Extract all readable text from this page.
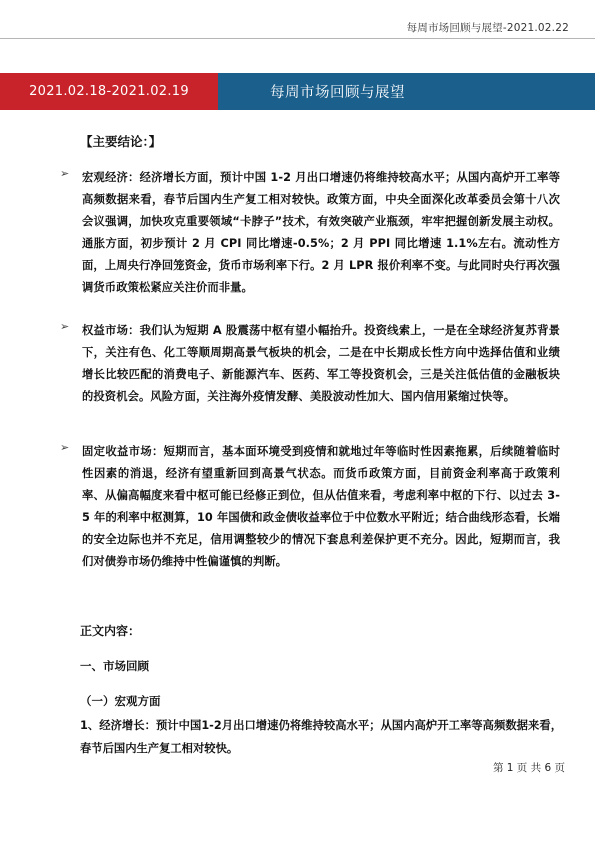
每周市场回顾与展望-2021.02.22
2021.02.18-2021.02.19	每周市场回顾与展望
【主要结论：】
➢ 宏观经济：经济增长方面，预计中国 1-2 月出口增速仍将维持较高水平；从国内高炉开工率等高频数据来看，春节后国内生产复工相对较快。政策方面，中央全面深化改革委员会第十八次会议强调，加快攻克重要领域“卡脖子”技术，有效突破产业瓶颈，牢牢把握创新发展主动权。通胀方面，初步预计 2 月 CPI 同比增速-0.5%；2 月 PPI 同比增速 1.1%左右。流动性方面，上周央行净回笼资金，货币市场利率下行。2 月 LPR 报价利率不变。与此同时央行再次强调货币政策松紧应关注价而非量。
➢ 权益市场：我们认为短期 A 股震荡中枢有望小幅抬升。投资线索上，一是在全球经济复苏背景下，关注有色、化工等顺周期高景气板块的机会，二是在中长期成长性方向中选择估值和业绩增长比较匹配的消费电子、新能源汽车、医药、军工等投资机会，三是关注低估值的金融板块的投资机会。风险方面，关注海外疫情发酵、美股波动性加大、国内信用紧缩过快等。
➢ 固定收益市场：短期而言，基本面环境受到疫情和就地过年等临时性因素拖累，后续随着临时性因素的消退，经济有望重新回到高景气状态。而货币政策方面，目前资金利率高于政策利率、从偏高幅度来看中枢可能已经修正到位，但从估值来看，考虑利率中枢的下行、以过去 3-5 年的利率中枢测算，10 年国债和政金债收益率位于中位数水平附近；结合曲线形态看，长端的安全边际也并不充足，信用调整较少的情况下套息利差保护更不充分。因此，短期而言，我们对债券市场仍维持中性偏谨慎的判断。
正文内容：
一、市场回顾
（一）宏观方面
1、经济增长：预计中国1-2月出口增速仍将维持较高水平；从国内高炉开工率等高频数据来看，春节后国内生产复工相对较快。
第 1 页 共 6 页
